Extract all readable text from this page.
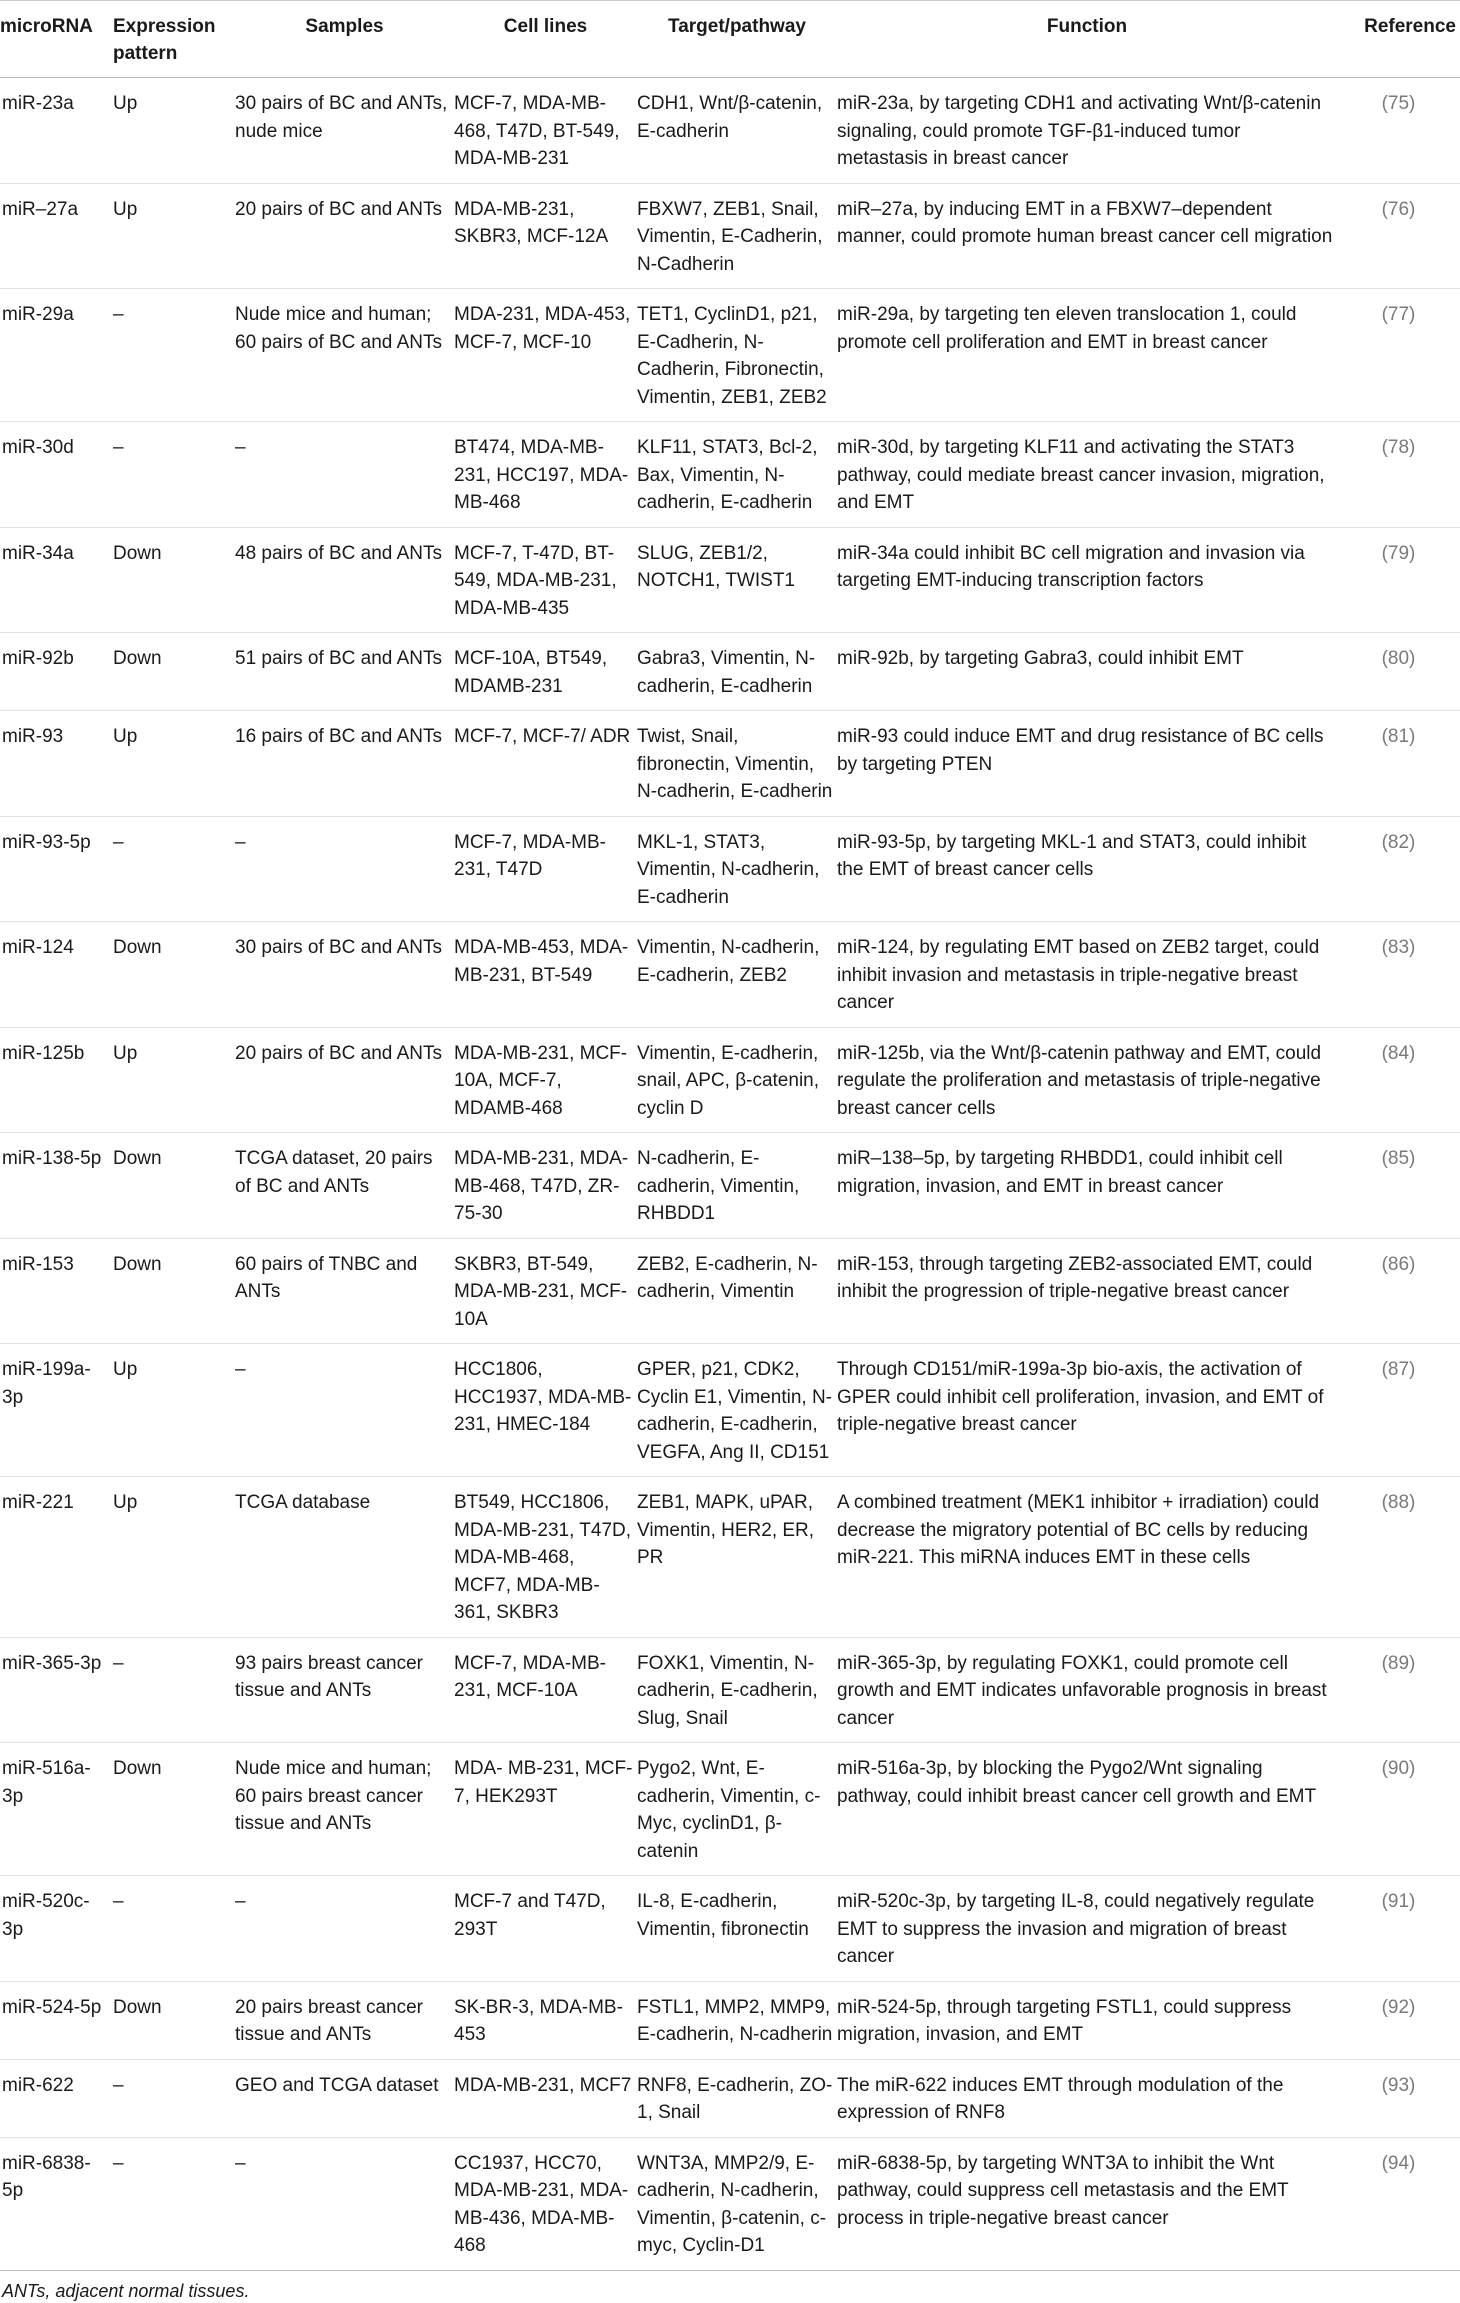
microRNA	Expression pattern	Samples	Cell lines	Target/pathway	Function	Reference
miR-23a	Up	30 pairs of BC and ANTs, nude mice	MCF-7, MDA-MB-468, T47D, BT-549, MDA-MB-231	CDH1, Wnt/β-catenin, E-cadherin	miR-23a, by targeting CDH1 and activating Wnt/β-catenin signaling, could promote TGF-β1-induced tumor metastasis in breast cancer	(75)
miR–27a	Up	20 pairs of BC and ANTs	MDA-MB-231, SKBR3, MCF-12A	FBXW7, ZEB1, Snail, Vimentin, E-Cadherin, N-Cadherin	miR–27a, by inducing EMT in a FBXW7–dependent manner, could promote human breast cancer cell migration	(76)
miR-29a	–	Nude mice and human; 60 pairs of BC and ANTs	MDA-231, MDA-453, MCF-7, MCF-10	TET1, CyclinD1, p21, E-Cadherin, N-Cadherin, Fibronectin, Vimentin, ZEB1, ZEB2	miR-29a, by targeting ten eleven translocation 1, could promote cell proliferation and EMT in breast cancer	(77)
miR-30d	–	–	BT474, MDA-MB-231, HCC197, MDA-MB-468	KLF11, STAT3, Bcl-2, Bax, Vimentin, N-cadherin, E-cadherin	miR-30d, by targeting KLF11 and activating the STAT3 pathway, could mediate breast cancer invasion, migration, and EMT	(78)
miR-34a	Down	48 pairs of BC and ANTs	MCF-7, T-47D, BT-549, MDA-MB-231, MDA-MB-435	SLUG, ZEB1/2, NOTCH1, TWIST1	miR-34a could inhibit BC cell migration and invasion via targeting EMT-inducing transcription factors	(79)
miR-92b	Down	51 pairs of BC and ANTs	MCF-10A, BT549, MDAMB-231	Gabra3, Vimentin, N-cadherin, E-cadherin	miR-92b, by targeting Gabra3, could inhibit EMT	(80)
miR-93	Up	16 pairs of BC and ANTs	MCF-7, MCF-7/ ADR	Twist, Snail, fibronectin, Vimentin, N-cadherin, E-cadherin	miR-93 could induce EMT and drug resistance of BC cells by targeting PTEN	(81)
miR-93-5p	–	–	MCF-7, MDA-MB-231, T47D	MKL-1, STAT3, Vimentin, N-cadherin, E-cadherin	miR-93-5p, by targeting MKL-1 and STAT3, could inhibit the EMT of breast cancer cells	(82)
miR-124	Down	30 pairs of BC and ANTs	MDA-MB-453, MDA-MB-231, BT-549	Vimentin, N-cadherin, E-cadherin, ZEB2	miR-124, by regulating EMT based on ZEB2 target, could inhibit invasion and metastasis in triple-negative breast cancer	(83)
miR-125b	Up	20 pairs of BC and ANTs	MDA-MB-231, MCF-10A, MCF-7, MDAMB-468	Vimentin, E-cadherin, snail, APC, β-catenin, cyclin D	miR-125b, via the Wnt/β-catenin pathway and EMT, could regulate the proliferation and metastasis of triple-negative breast cancer cells	(84)
miR-138-5p	Down	TCGA dataset, 20 pairs of BC and ANTs	MDA-MB-231, MDA-MB-468, T47D, ZR-75-30	N-cadherin, E-cadherin, Vimentin, RHBDD1	miR–138–5p, by targeting RHBDD1, could inhibit cell migration, invasion, and EMT in breast cancer	(85)
miR-153	Down	60 pairs of TNBC and ANTs	SKBR3, BT-549, MDA-MB-231, MCF-10A	ZEB2, E-cadherin, N-cadherin, Vimentin	miR-153, through targeting ZEB2-associated EMT, could inhibit the progression of triple-negative breast cancer	(86)
miR-199a-3p	Up	–	HCC1806, HCC1937, MDA-MB-231, HMEC-184	GPER, p21, CDK2, Cyclin E1, Vimentin, N-cadherin, E-cadherin, VEGFA, Ang II, CD151	Through CD151/miR-199a-3p bio-axis, the activation of GPER could inhibit cell proliferation, invasion, and EMT of triple-negative breast cancer	(87)
miR-221	Up	TCGA database	BT549, HCC1806, MDA-MB-231, T47D, MDA-MB-468, MCF7, MDA-MB-361, SKBR3	ZEB1, MAPK, uPAR, Vimentin, HER2, ER, PR	A combined treatment (MEK1 inhibitor + irradiation) could decrease the migratory potential of BC cells by reducing miR-221. This miRNA induces EMT in these cells	(88)
miR-365-3p	–	93 pairs breast cancer tissue and ANTs	MCF-7, MDA-MB-231, MCF-10A	FOXK1, Vimentin, N-cadherin, E-cadherin, Slug, Snail	miR-365-3p, by regulating FOXK1, could promote cell growth and EMT indicates unfavorable prognosis in breast cancer	(89)
miR-516a-3p	Down	Nude mice and human; 60 pairs breast cancer tissue and ANTs	MDA- MB-231, MCF-7, HEK293T	Pygo2, Wnt, E-cadherin, Vimentin, c-Myc, cyclinD1, β-catenin	miR-516a-3p, by blocking the Pygo2/Wnt signaling pathway, could inhibit breast cancer cell growth and EMT	(90)
miR-520c-3p	–	–	MCF-7 and T47D, 293T	IL-8, E-cadherin, Vimentin, fibronectin	miR-520c-3p, by targeting IL-8, could negatively regulate EMT to suppress the invasion and migration of breast cancer	(91)
miR-524-5p	Down	20 pairs breast cancer tissue and ANTs	SK-BR-3, MDA-MB-453	FSTL1, MMP2, MMP9, E-cadherin, N-cadherin	miR-524-5p, through targeting FSTL1, could suppress migration, invasion, and EMT	(92)
miR-622	–	GEO and TCGA dataset	MDA-MB-231, MCF7	RNF8, E-cadherin, ZO-1, Snail	The miR-622 induces EMT through modulation of the expression of RNF8	(93)
miR-6838-5p	–	–	CC1937, HCC70, MDA-MB-231, MDA-MB-436, MDA-MB-468	WNT3A, MMP2/9, E-cadherin, N-cadherin, Vimentin, β-catenin, c-myc, Cyclin-D1	miR-6838-5p, by targeting WNT3A to inhibit the Wnt pathway, could suppress cell metastasis and the EMT process in triple-negative breast cancer	(94)
ANTs, adjacent normal tissues.
